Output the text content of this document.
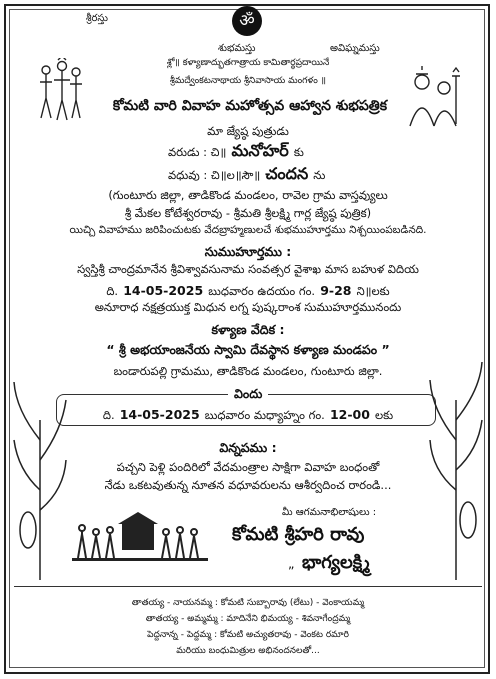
ॐ
శ్రీరస్తు
శుభమస్తు	అవిఘ్నమస్తు
శ్లో॥ కళ్యాణాద్భుతగాత్రాయ కామితార్థప్రదాయినే
శ్రీమద్వేంకటనాథాయ శ్రీనివాసాయ మంగళం ॥
కోమటి వారి వివాహ మహోత్సవ ఆహ్వాన శుభపత్రిక
మా జ్యేష్ఠ పుత్రుడు
వరుడు : చి॥ మనోహర్ కు
వధువు : చి॥ల॥సౌ॥ చందన ను
(గుంటూరు జిల్లా, తాడికొండ మండలం, రావెల గ్రామ వాస్తవ్యులు
శ్రీ మేకల కోటేశ్వరరావు - శ్రీమతి శ్రీలక్ష్మి గార్ల జ్యేష్ఠ పుత్రిక)
యిచ్చి వివాహము జరిపించుటకు వేదబ్రాహ్మణులచే శుభముహూర్తము నిశ్చయింపబడినది.
సుముహూర్తము :
స్వస్తిశ్రీ చాంద్రమానేన శ్రీవిశ్వావసునామ సంవత్సర వైశాఖ మాస బహుళ విదియ
ది. 14-05-2025 బుధవారం ఉదయం గం. 9-28 ని॥లకు
అనూరాధ నక్షత్రయుక్త మిధున లగ్న పుష్కరాంశ సుముహూర్తమునందు
కళ్యాణ వేదిక :
“ శ్రీ అభయాంజనేయ స్వామి దేవస్థాన కళ్యాణ మండపం ”
బండారుపల్లి గ్రామము, తాడికొండ మండలం, గుంటూరు జిల్లా.
విందు
ది. 14-05-2025 బుధవారం మధ్యాహ్నం గం. 12-00 లకు
విన్నపము :
పచ్చని పెళ్లి పందిరిలో వేదమంత్రాల సాక్షిగా వివాహ బంధంతో
నేడు ఒకటవుతున్న నూతన వధూవరులను ఆశీర్వదించ రారండి...
మీ ఆగమనాభిలాషులు :
కోమటి శ్రీహరి రావు
„ భాగ్యలక్ష్మి
తాతయ్య - నాయనమ్మ : కోమటి సుబ్బారావు (లేటు) - వెంకాయమ్మ
తాతయ్య - అమ్మమ్మ : మాదినేని భిమయ్య - శివనాగేంద్రమ్మ
పెద్దనాన్న - పెద్దమ్మ : కోమటి అచ్యుతరావు - వెంకట రమారి
మరియు బంధుమిత్రుల అభినందనలతో...
